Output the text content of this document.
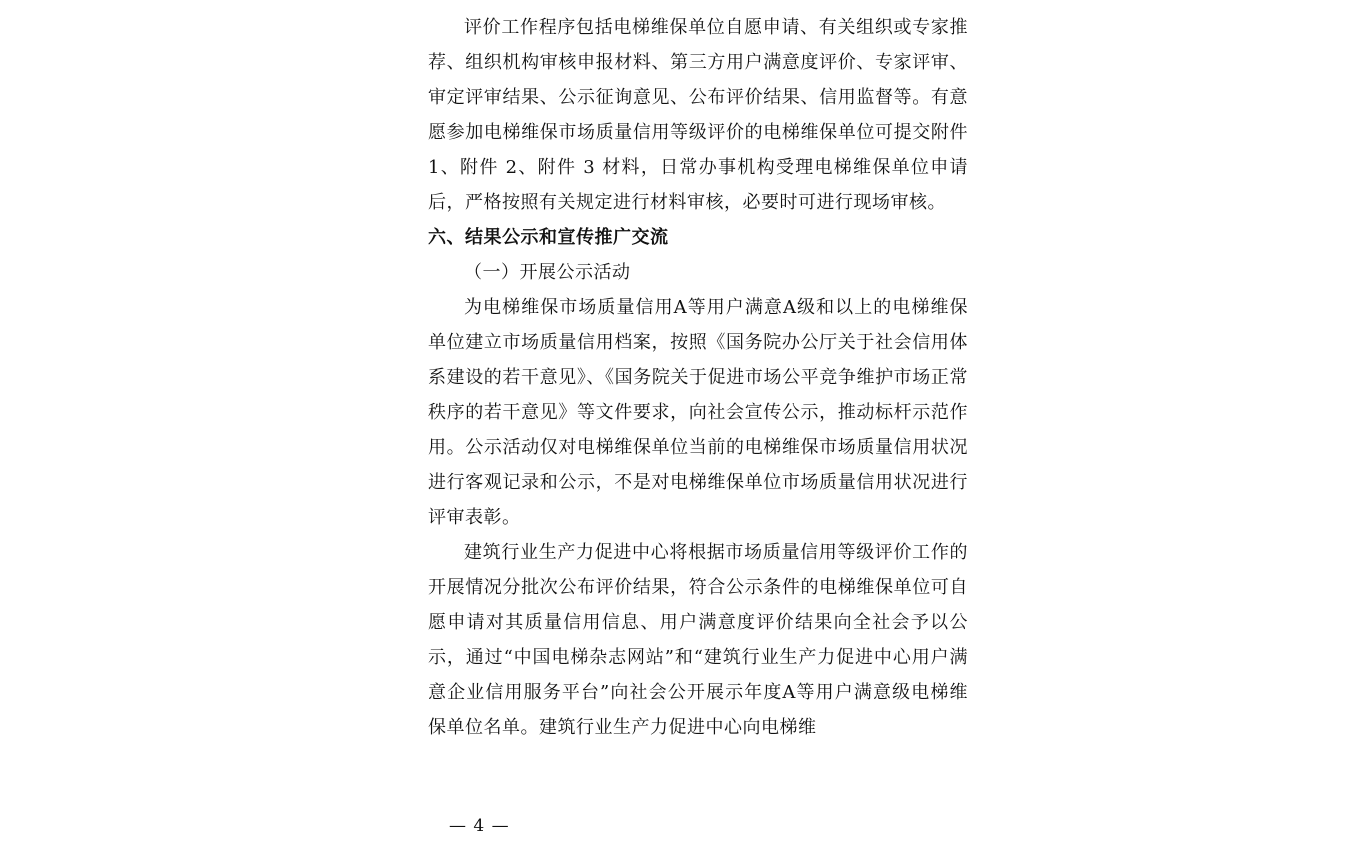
评价工作程序包括电梯维保单位自愿申请、有关组织或专家推荐、组织机构审核申报材料、第三方用户满意度评价、专家评审、审定评审结果、公示征询意见、公布评价结果、信用监督等。有意愿参加电梯维保市场质量信用等级评价的电梯维保单位可提交附件 1、附件 2、附件 3 材料，日常办事机构受理电梯维保单位申请后，严格按照有关规定进行材料审核，必要时可进行现场审核。

六、结果公示和宣传推广交流

（一）开展公示活动

为电梯维保市场质量信用A等用户满意A级和以上的电梯维保单位建立市场质量信用档案，按照《国务院办公厅关于社会信用体系建设的若干意见》、《国务院关于促进市场公平竞争维护市场正常秩序的若干意见》等文件要求，向社会宣传公示，推动标杆示范作用。公示活动仅对电梯维保单位当前的电梯维保市场质量信用状况进行客观记录和公示，不是对电梯维保单位市场质量信用状况进行评审表彰。

建筑行业生产力促进中心将根据市场质量信用等级评价工作的开展情况分批次公布评价结果，符合公示条件的电梯维保单位可自愿申请对其质量信用信息、用户满意度评价结果向全社会予以公示，通过“中国电梯杂志网站”和“建筑行业生产力促进中心用户满意企业信用服务平台”向社会公开展示年度A等用户满意级电梯维保单位名单。建筑行业生产力促进中心向电梯维

— 4 —
